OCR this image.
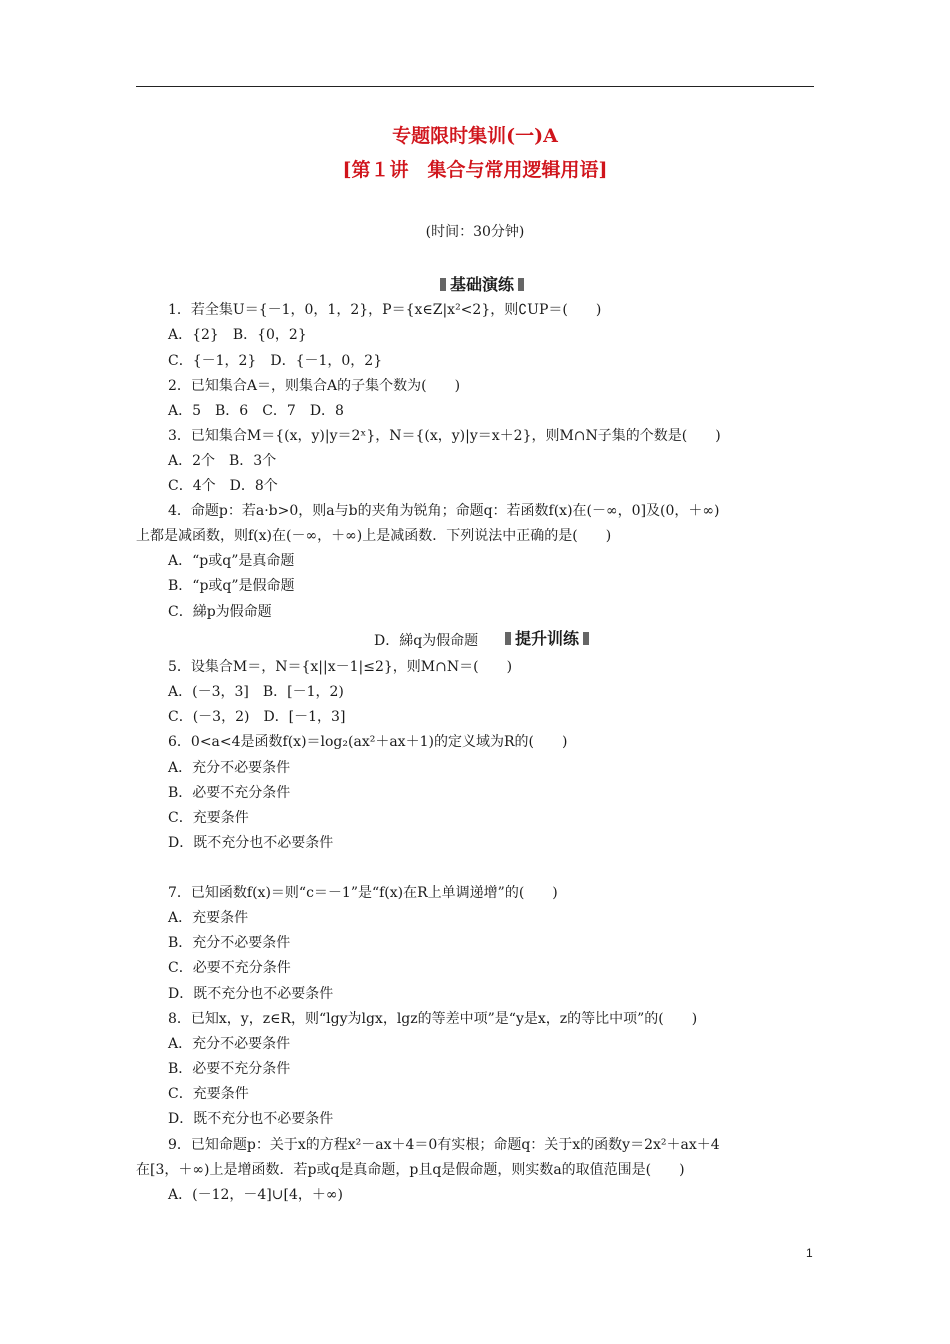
专题限时集训(一)A
[第１讲　集合与常用逻辑用语]
(时间：30分钟)
基础演练
1．若全集U＝{－1，0，1，2}，P＝{x∈Z|x²<2}，则∁UP＝(　　)
A．{2}　B．{0，2}
C．{－1，2}　D．{－1，0，2}
2．已知集合A＝，则集合A的子集个数为(　　)
A．5　B．6　C．7　D．8
3．已知集合M＝{(x，y)|y＝2ˣ}，N＝{(x，y)|y＝x＋2}，则M∩N子集的个数是(　　)
A．2个　B．3个
C．4个　D．8个
4．命题p：若a·b>0，则a与b的夹角为锐角；命题q：若函数f(x)在(－∞，0]及(0，＋∞)
上都是减函数，则f(x)在(－∞，＋∞)上是减函数．下列说法中正确的是(　　)
A．“p或q”是真命题
B．“p或q”是假命题
C．綈p为假命题
D．綈q为假命题	提升训练
5．设集合M＝，N＝{x||x－1|≤2}，则M∩N＝(　　)
A．(－3，3]　B．[－1，2)
C．(－3，2)　D．[－1，3]
6．0<a<4是函数f(x)＝log₂(ax²＋ax＋1)的定义域为R的(　　)
A．充分不必要条件
B．必要不充分条件
C．充要条件
D．既不充分也不必要条件
7．已知函数f(x)＝则“c＝－1”是“f(x)在R上单调递增”的(　　)
A．充要条件
B．充分不必要条件
C．必要不充分条件
D．既不充分也不必要条件
8．已知x，y，z∈R，则“lgy为lgx，lgz的等差中项”是“y是x，z的等比中项”的(　　)
A．充分不必要条件
B．必要不充分条件
C．充要条件
D．既不充分也不必要条件
9．已知命题p：关于x的方程x²－ax＋4＝0有实根；命题q：关于x的函数y＝2x²＋ax＋4
在[3，＋∞)上是增函数．若p或q是真命题，p且q是假命题，则实数a的取值范围是(　　)
A．(－12，－4]∪[4，＋∞)
1
